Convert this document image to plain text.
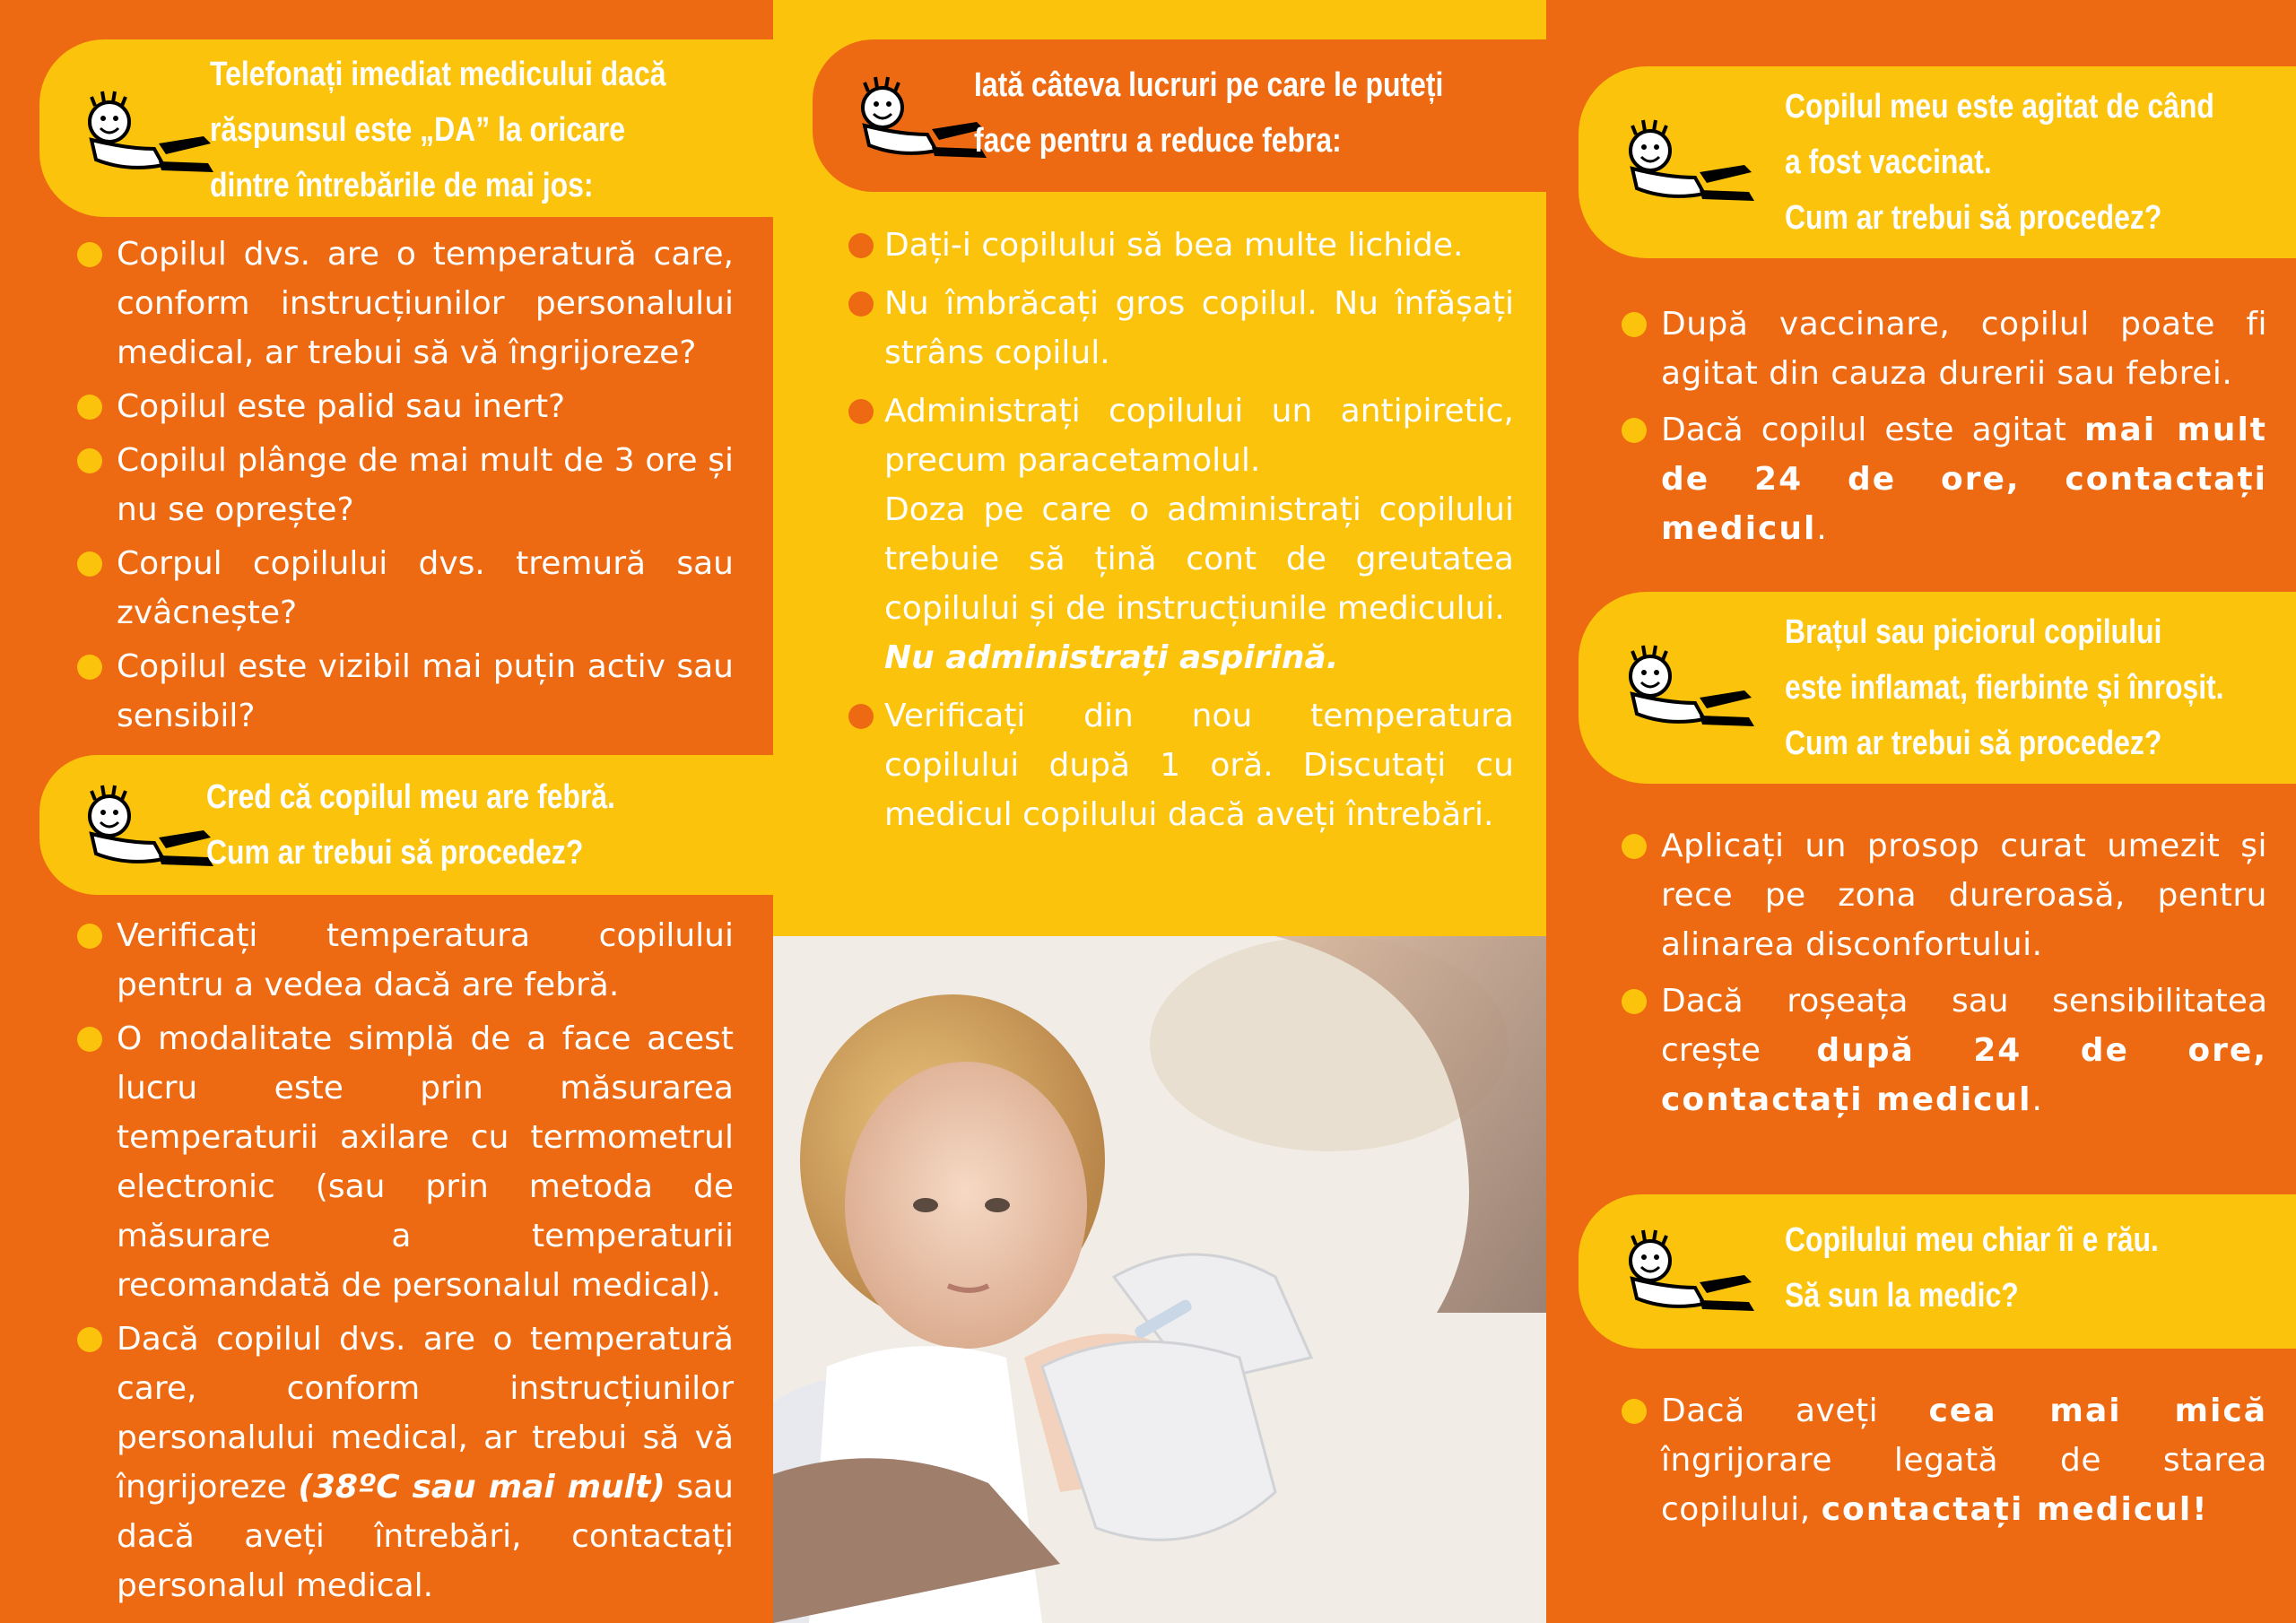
Telefonați imediat medicului dacă
răspunsul este „DA” la oricare
dintre întrebările de mai jos:
Copilul dvs. are o temperatură care, conform instrucțiunilor personalului medical, ar trebui să vă îngrijoreze?
Copilul este palid sau inert?
Copilul plânge de mai mult de 3 ore și nu se oprește?
Corpul copilului dvs. tremură sau zvâcnește?
Copilul este vizibil mai puțin activ sau sensibil?
Cred că copilul meu are febră.
Cum ar trebui să procedez?
Verificați temperatura copilului pentru a vedea dacă are febră.
O modalitate simplă de a face acest lucru este prin măsurarea temperaturii axilare cu termometrul electronic (sau prin metoda de măsurare a temperaturii recomandată de personalul medical).
Dacă copilul dvs. are o temperatură care, conform instrucțiunilor personalului medical, ar trebui să vă îngrijoreze (38ºC sau mai mult) sau dacă aveți întrebări, contactați personalul medical.
Iată câteva lucruri pe care le puteți
face pentru a reduce febra:
Dați-i copilului să bea multe lichide.
Nu îmbrăcați gros copilul. Nu înfășați strâns copilul.
Administrați copilului un antipiretic, precum paracetamolul.
Doza pe care o administrați copilului trebuie să țină cont de greutatea copilului și de instrucțiunile medicului.
Nu administrați aspirină.
Verificați din nou temperatura copilului după 1 oră. Discutați cu medicul copilului dacă aveți întrebări.
Copilul meu este agitat de când
a fost vaccinat.
Cum ar trebui să procedez?
După vaccinare, copilul poate fi agitat din cauza durerii sau febrei.
Dacă copilul este agitat mai mult de 24 de ore, contactați medicul.
Brațul sau piciorul copilului
este inflamat, fierbinte și înroșit.
Cum ar trebui să procedez?
Aplicați un prosop curat umezit și rece pe zona dureroasă, pentru alinarea disconfortului.
Dacă roșeața sau sensibilitatea crește după 24 de ore, contactați medicul.
Copilului meu chiar îi e rău.
Să sun la medic?
Dacă aveți cea mai mică îngrijorare legată de starea copilului, contactați medicul!
